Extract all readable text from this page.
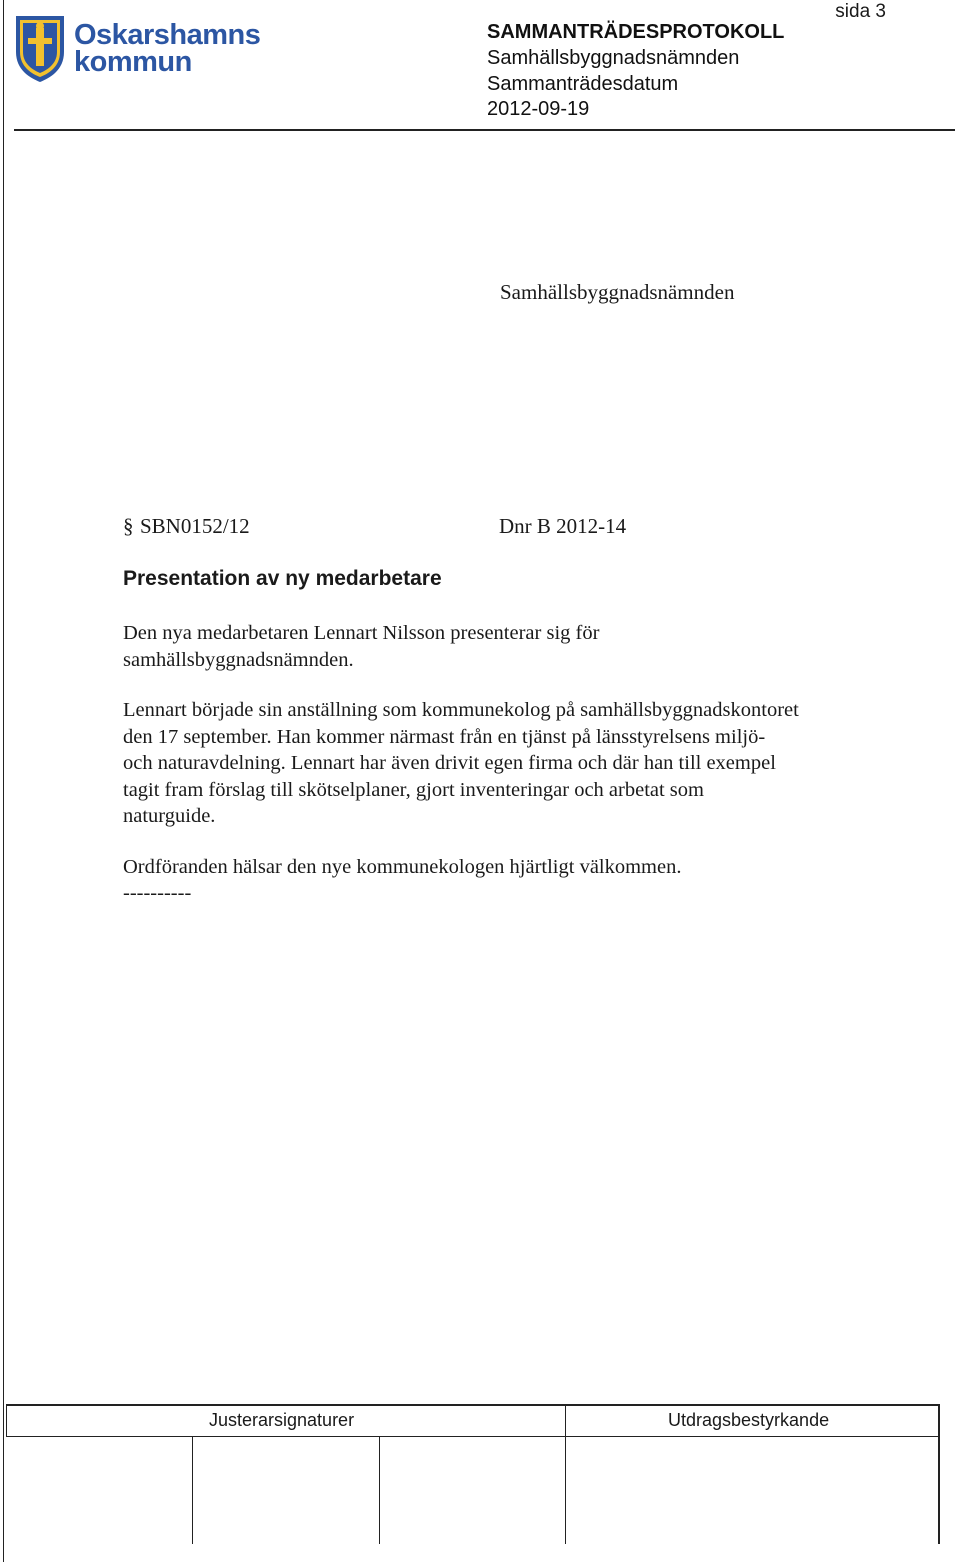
Oskarshamns
kommun
SAMMANTRÄDESPROTOKOLL
Samhällsbyggnadsnämnden
Sammanträdesdatum
2012-09-19
sida 3
Samhällsbyggnadsnämnden
§ SBN0152/12	Dnr B 2012-14
Presentation av ny medarbetare
Den nya medarbetaren Lennart Nilsson presenterar sig för
samhällsbyggnadsnämnden.
Lennart började sin anställning som kommunekolog på samhällsbyggnadskontoret
den 17 september. Han kommer närmast från en tjänst på länsstyrelsens miljö-
och naturavdelning. Lennart har även drivit egen firma och där han till exempel
tagit fram förslag till skötselplaner, gjort inventeringar och arbetat som
naturguide.
Ordföranden hälsar den nye kommunekologen hjärtligt välkommen.
----------
Justerarsignaturer	Utdragsbestyrkande
